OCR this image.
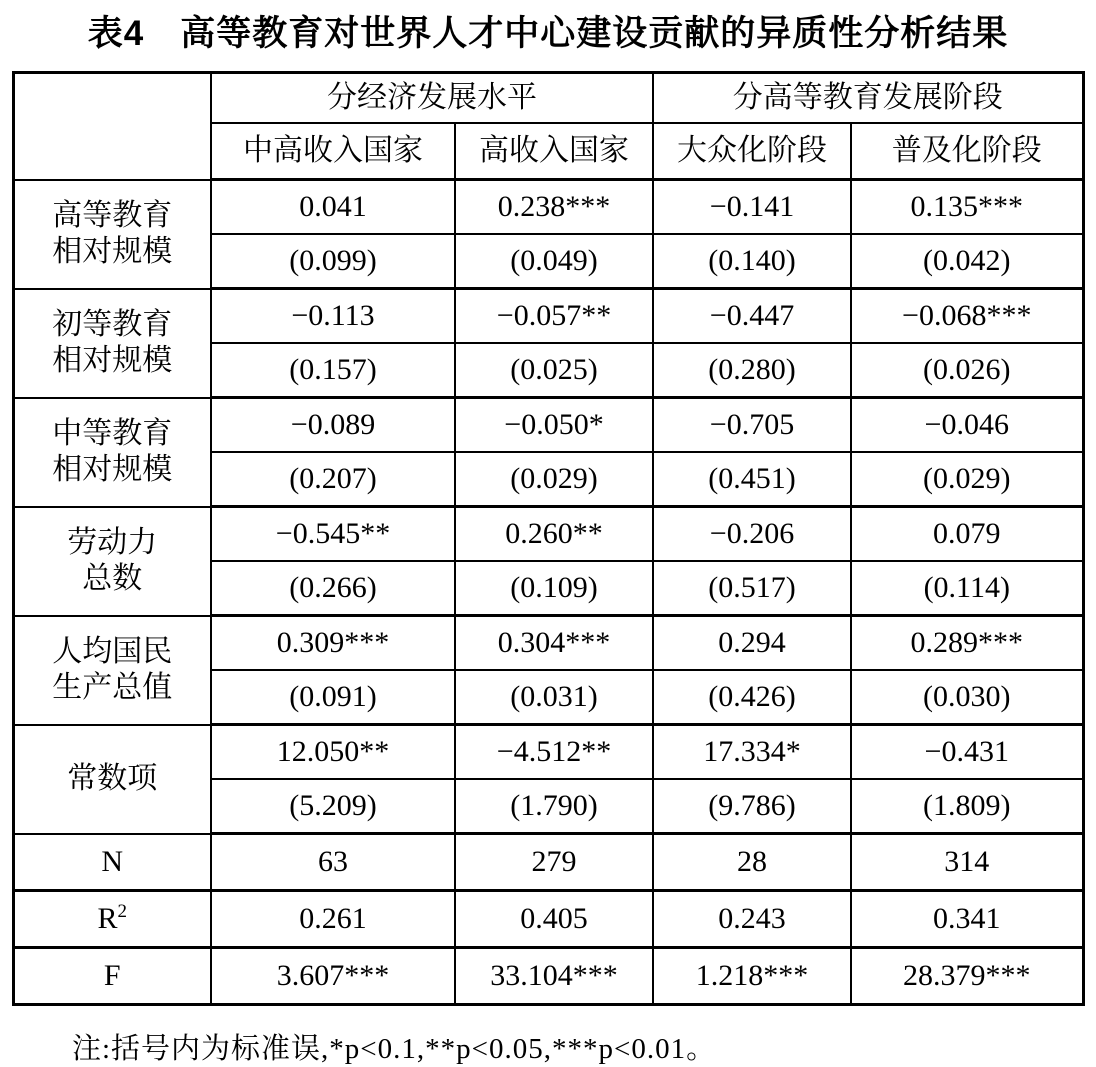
表4　高等教育对世界人才中心建设贡献的异质性分析结果
	分经济发展水平		分高等教育发展阶段	
	中高收入国家	高收入国家	大众化阶段	普及化阶段

高等教育
相对规模	0.041	0.238***	−0.141	0.135***
	(0.099)	(0.049)	(0.140)	(0.042)

初等教育
相对规模	−0.113	−0.057**	−0.447	−0.068***
	(0.157)	(0.025)	(0.280)	(0.026)

中等教育
相对规模	−0.089	−0.050*	−0.705	−0.046
	(0.207)	(0.029)	(0.451)	(0.029)

劳动力
总数	−0.545**	0.260**	−0.206	0.079
	(0.266)	(0.109)	(0.517)	(0.114)

人均国民
生产总值	0.309***	0.304***	0.294	0.289***
	(0.091)	(0.031)	(0.426)	(0.030)

常数项	12.050**	−4.512**	17.334*	−0.431
	(5.209)	(1.790)	(9.786)	(1.809)
N	63	279	28	314
$R^2$	0.261	0.405	0.243	0.341
F	3.607***	33.104***	1.218***	28.379***
注:括号内为标准误,*p<0.1,**p<0.05,***p<0.01。
